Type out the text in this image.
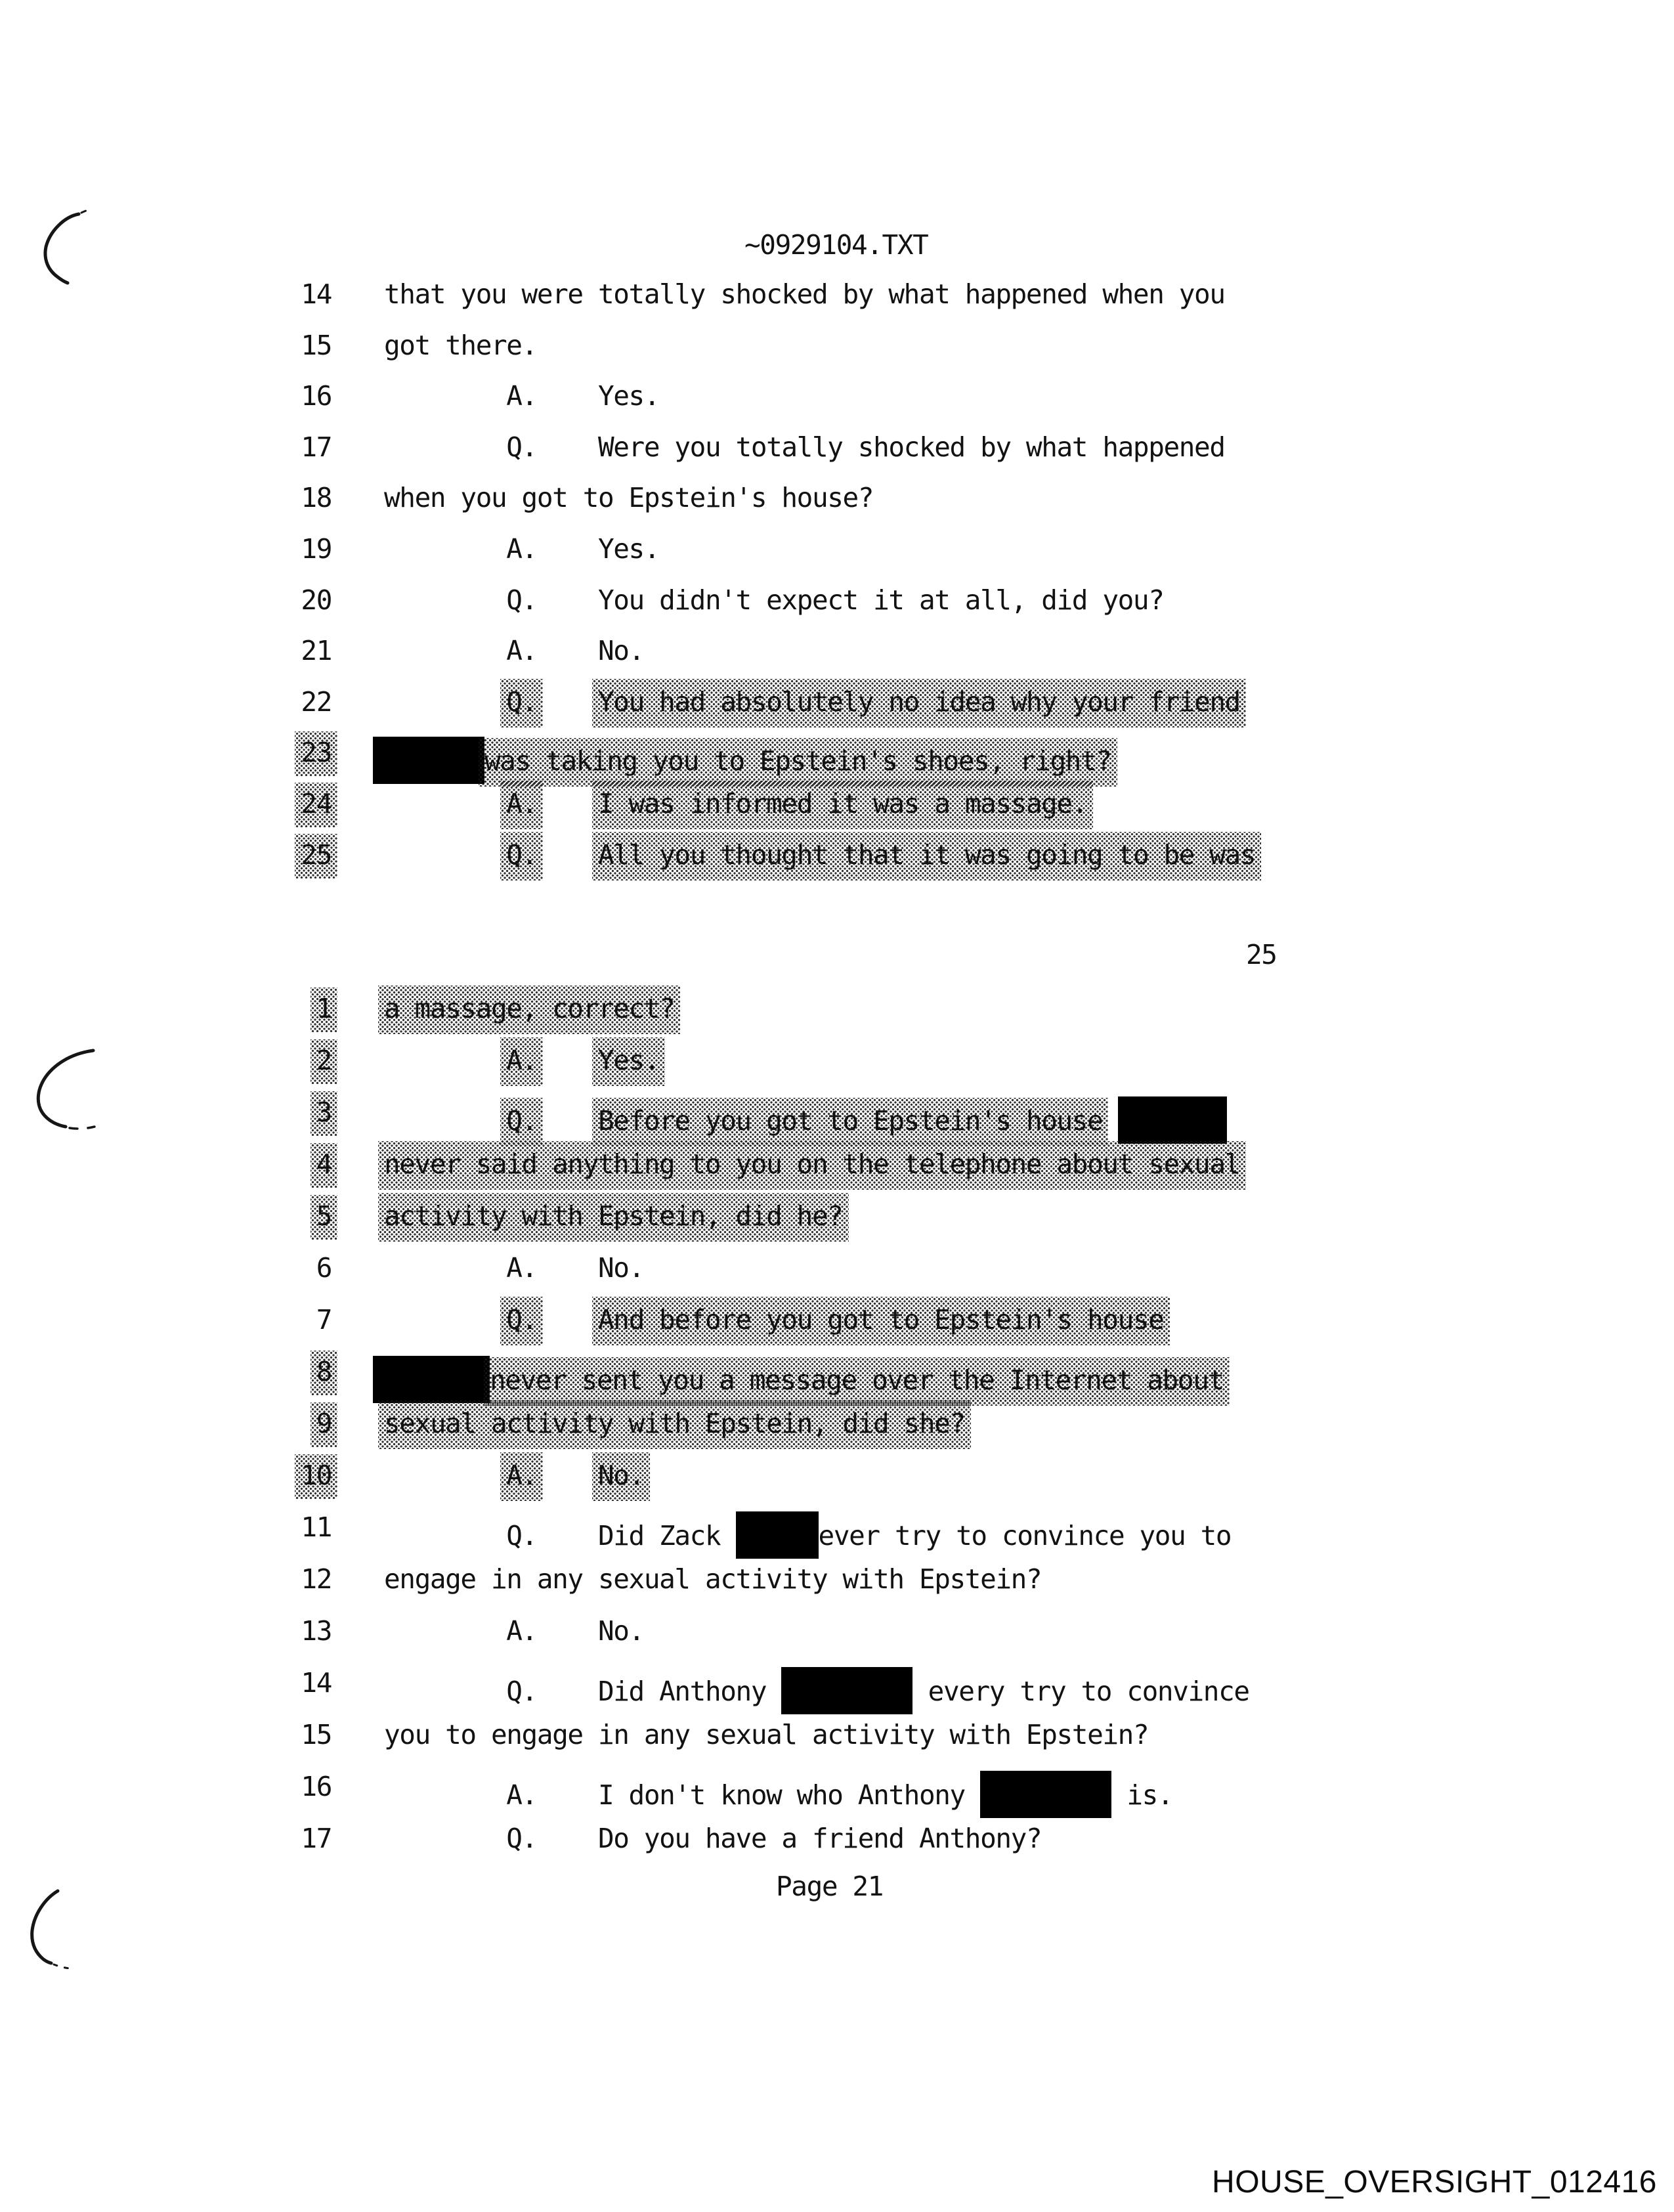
~0929104.TXT
14 that you were totally shocked by what happened when you
15 got there.
16 A.    Yes.
17 Q.    Were you totally shocked by what happened
18 when you got to Epstein's house?
19 A.    Yes.
20 Q.    You didn't expect it at all, did you?
21 A.    No.
22	Q. You had absolutely no idea why your friend
23	was taking you to Epstein's shoes, right?
24	A. I was informed it was a massage.
25	Q. All you thought that it was going to be was
25
1 a massage, correct?
2	A. Yes.
3	Q. Before you got to Epstein's house
4 never said anything to you on the telephone about sexual
5 activity with Epstein, did he?
6 A.    No.
7	Q. And before you got to Epstein's house
8	never sent you a message over the Internet about
9 sexual activity with Epstein, did she?
10	A. No.
11 Q.    Did Zack	ever try to convince you to
12 engage in any sexual activity with Epstein?
13 A.    No.
14 Q.    Did Anthony	every try to convince
15 you to engage in any sexual activity with Epstein?
16 A.    I don't know who Anthony	is.
17 Q.    Do you have a friend Anthony?
Page 21
HOUSE_OVERSIGHT_012416
